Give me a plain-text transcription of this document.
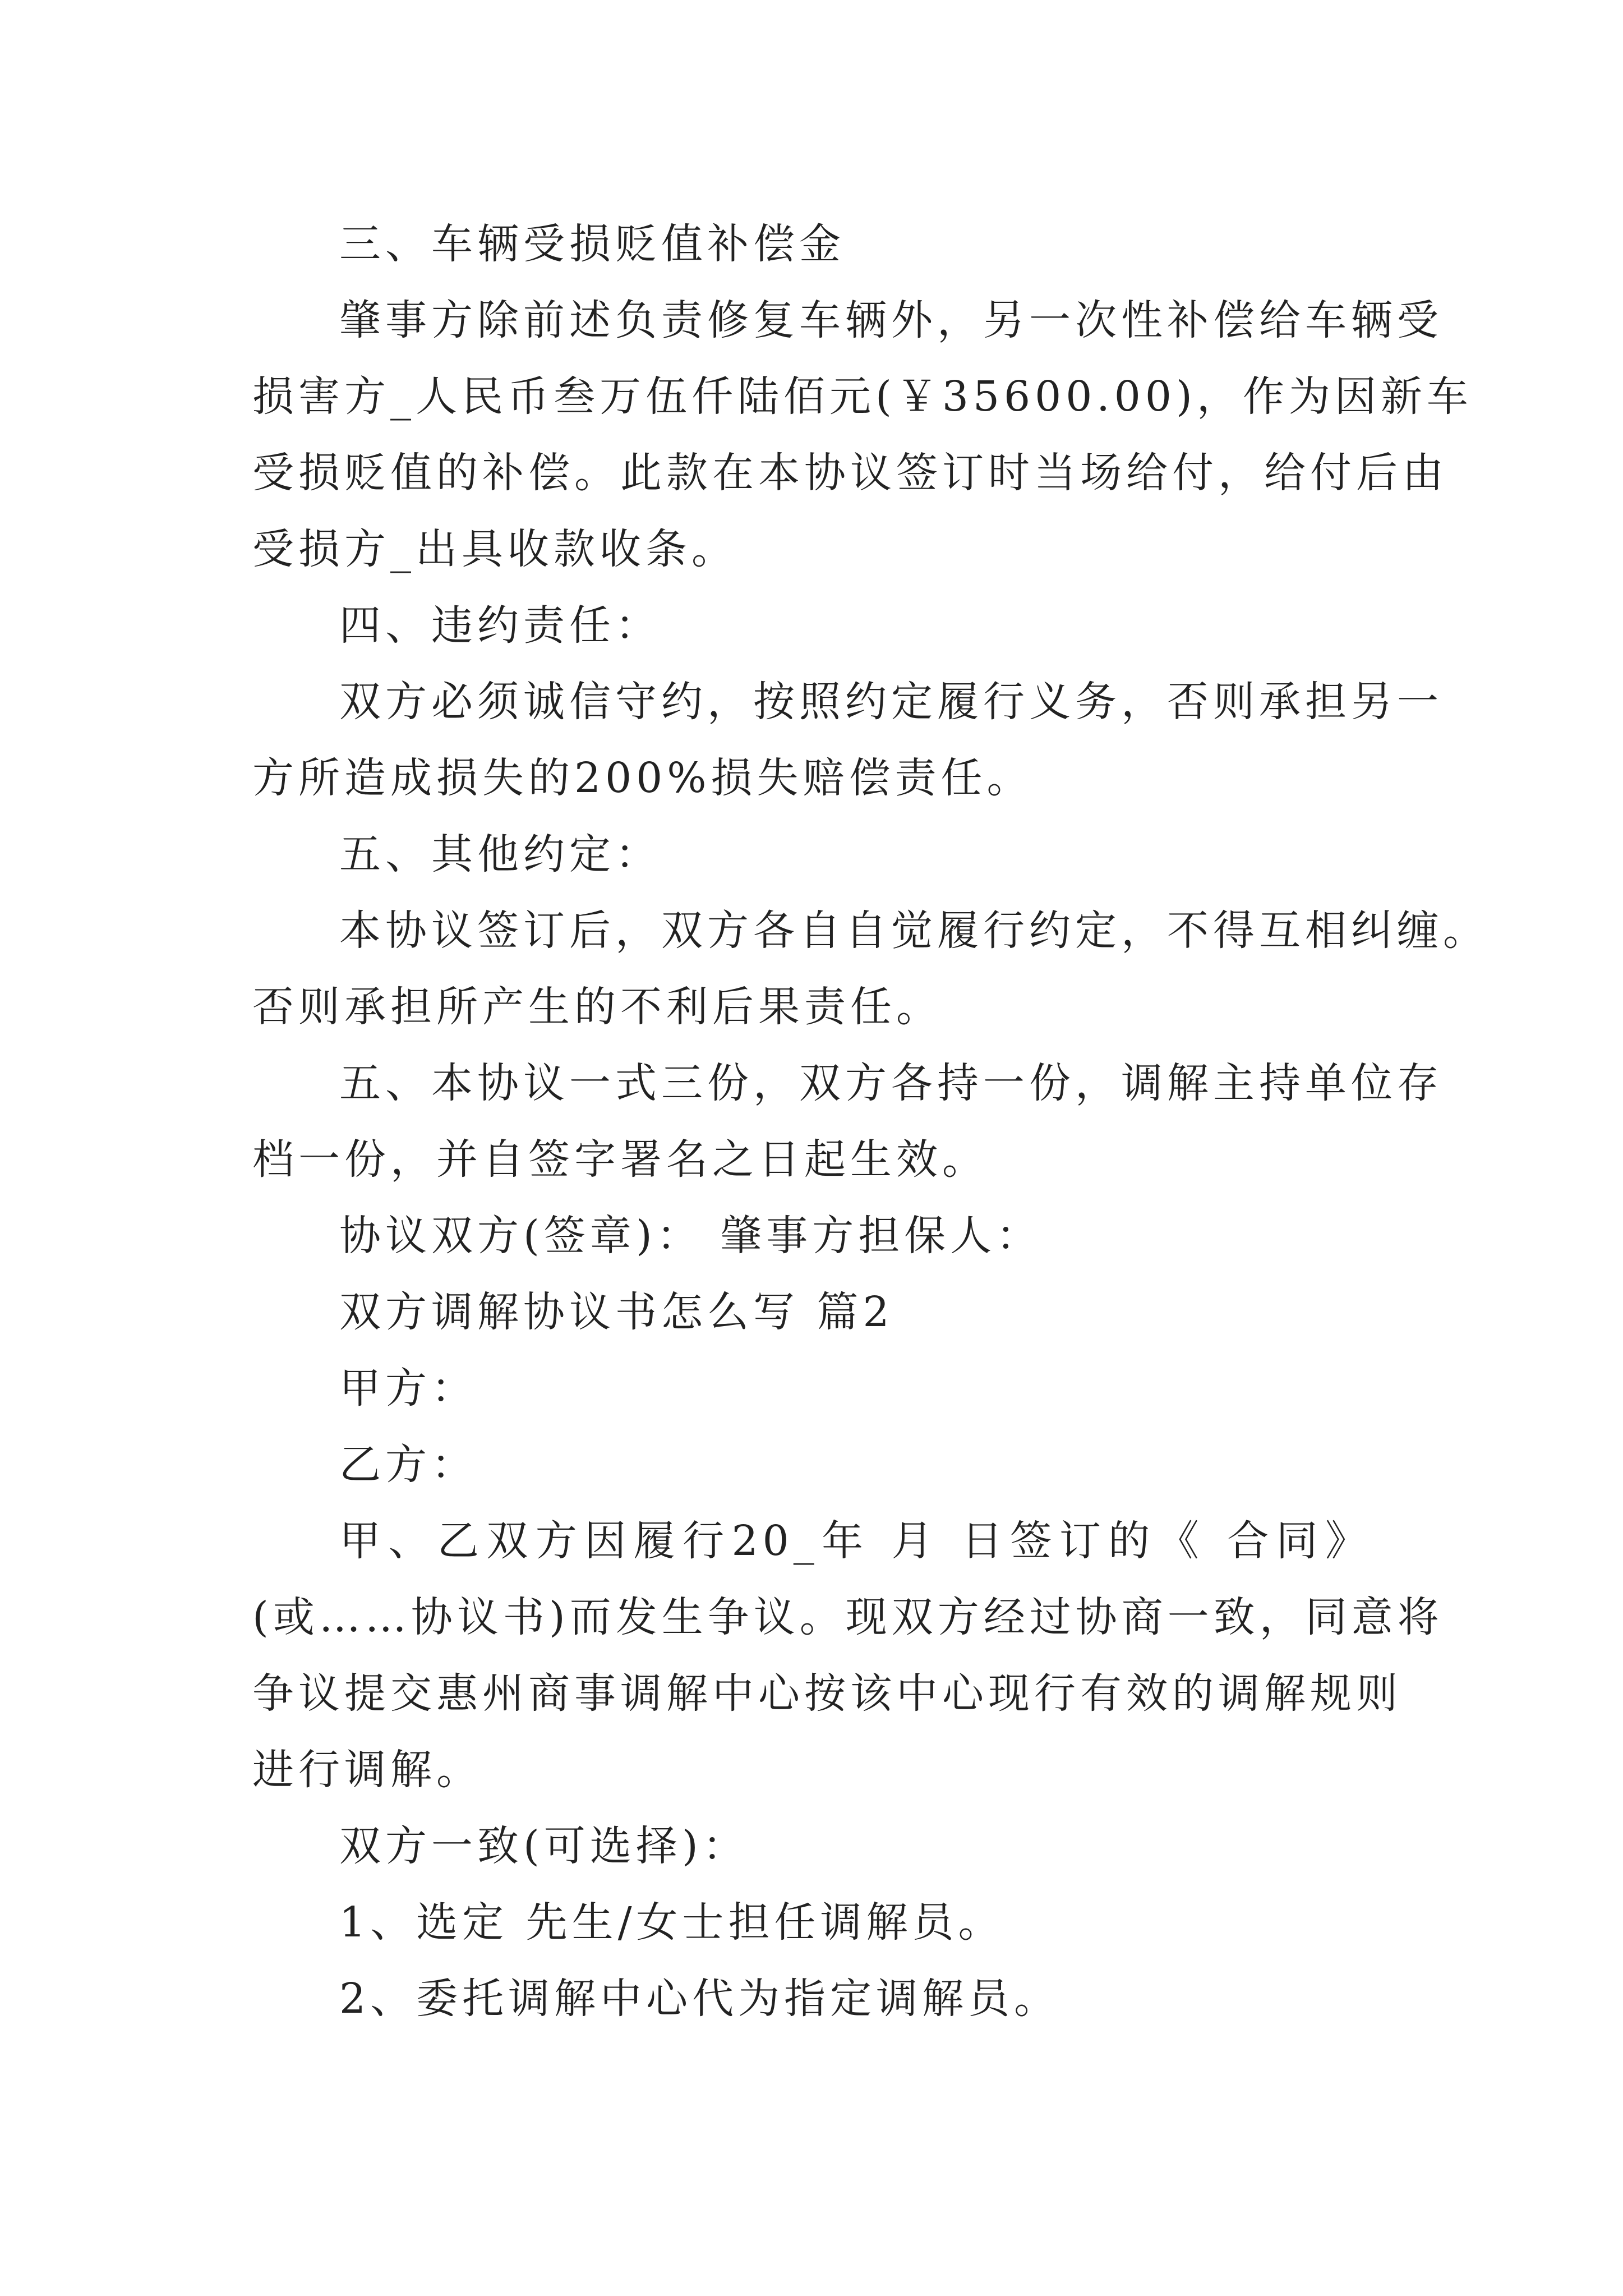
三、车辆受损贬值补偿金

肇事方除前述负责修复车辆外，另一次性补偿给车辆受

损害方_人民币叁万伍仟陆佰元(￥35600.00)，作为因新车

受损贬值的补偿。此款在本协议签订时当场给付，给付后由

受损方_出具收款收条。

四、违约责任：

双方必须诚信守约，按照约定履行义务，否则承担另一

方所造成损失的200%损失赔偿责任。

五、其他约定：

本协议签订后，双方各自自觉履行约定，不得互相纠缠。

否则承担所产生的不利后果责任。

五、本协议一式三份，双方各持一份，调解主持单位存

档一份，并自签字署名之日起生效。

协议双方(签章)： 肇事方担保人：

双方调解协议书怎么写 篇2

甲方：

乙方：

甲、乙双方因履行20_年 月 日签订的《 合同》

(或……协议书)而发生争议。现双方经过协商一致，同意将

争议提交惠州商事调解中心按该中心现行有效的调解规则

进行调解。

双方一致(可选择)：

1、选定 先生/女士担任调解员。

2、委托调解中心代为指定调解员。
